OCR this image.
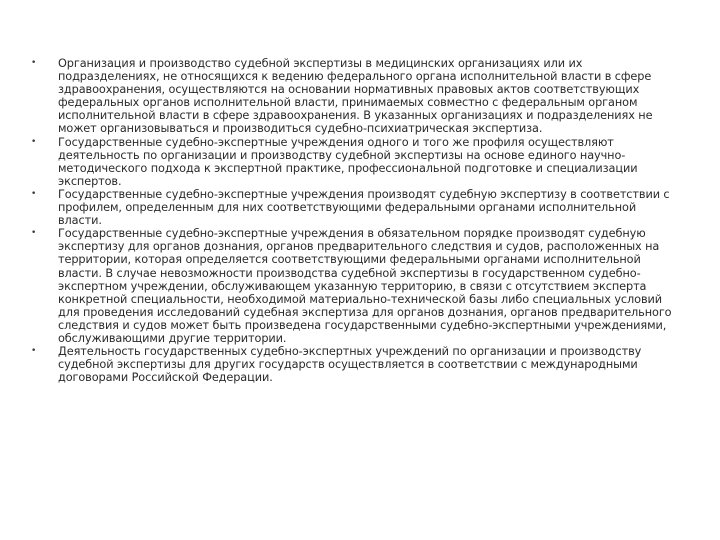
• Организация и производство судебной экспертизы в медицинских организациях или их подразделениях, не относящихся к ведению федерального органа исполнительной власти в сфере здравоохранения, осуществляются на основании нормативных правовых актов соответствующих федеральных органов исполнительной власти, принимаемых совместно с федеральным органом исполнительной власти в сфере здравоохранения. В указанных организациях и подразделениях не может организовываться и производиться судебно-психиатрическая экспертиза.
• Государственные судебно-экспертные учреждения одного и того же профиля осуществляют деятельность по организации и производству судебной экспертизы на основе единого научно-методического подхода к экспертной практике, профессиональной подготовке и специализации экспертов.
• Государственные судебно-экспертные учреждения производят судебную экспертизу в соответствии с профилем, определенным для них соответствующими федеральными органами исполнительной власти.
• Государственные судебно-экспертные учреждения в обязательном порядке производят судебную экспертизу для органов дознания, органов предварительного следствия и судов, расположенных на территории, которая определяется соответствующими федеральными органами исполнительной власти. В случае невозможности производства судебной экспертизы в государственном судебно-экспертном учреждении, обслуживающем указанную территорию, в связи с отсутствием эксперта конкретной специальности, необходимой материально-технической базы либо специальных условий для проведения исследований судебная экспертиза для органов дознания, органов предварительного следствия и судов может быть произведена государственными судебно-экспертными учреждениями, обслуживающими другие территории.
• Деятельность государственных судебно-экспертных учреждений по организации и производству судебной экспертизы для других государств осуществляется в соответствии с международными договорами Российской Федерации.
